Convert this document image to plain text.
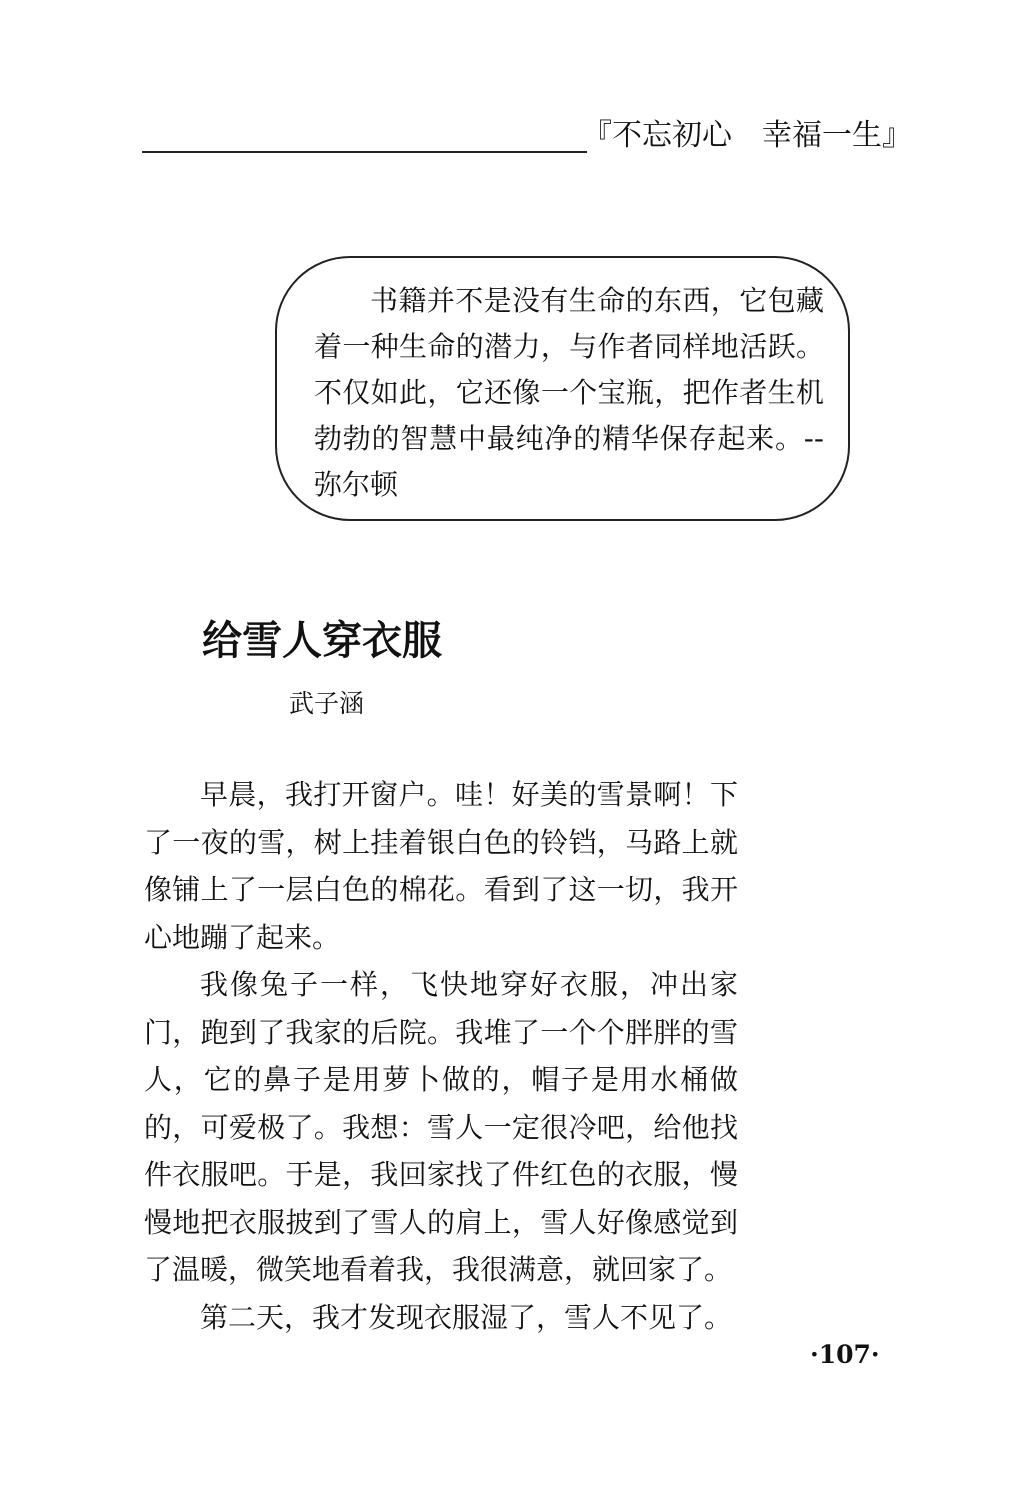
『不忘初心　幸福一生』

书籍并不是没有生命的东西，它包藏着一种生命的潜力，与作者同样地活跃。不仅如此，它还像一个宝瓶，把作者生机勃勃的智慧中最纯净的精华保存起来。-- 弥尔顿

给雪人穿衣服
武子涵

早晨，我打开窗户。哇！好美的雪景啊！下了一夜的雪，树上挂着银白色的铃铛，马路上就像铺上了一层白色的棉花。看到了这一切，我开心地蹦了起来。

我像兔子一样，飞快地穿好衣服，冲出家门，跑到了我家的后院。我堆了一个个胖胖的雪人，它的鼻子是用萝卜做的，帽子是用水桶做的，可爱极了。我想：雪人一定很冷吧，给他找件衣服吧。于是，我回家找了件红色的衣服，慢慢地把衣服披到了雪人的肩上，雪人好像感觉到了温暖，微笑地看着我，我很满意，就回家了。

第二天，我才发现衣服湿了，雪人不见了。

·107·
